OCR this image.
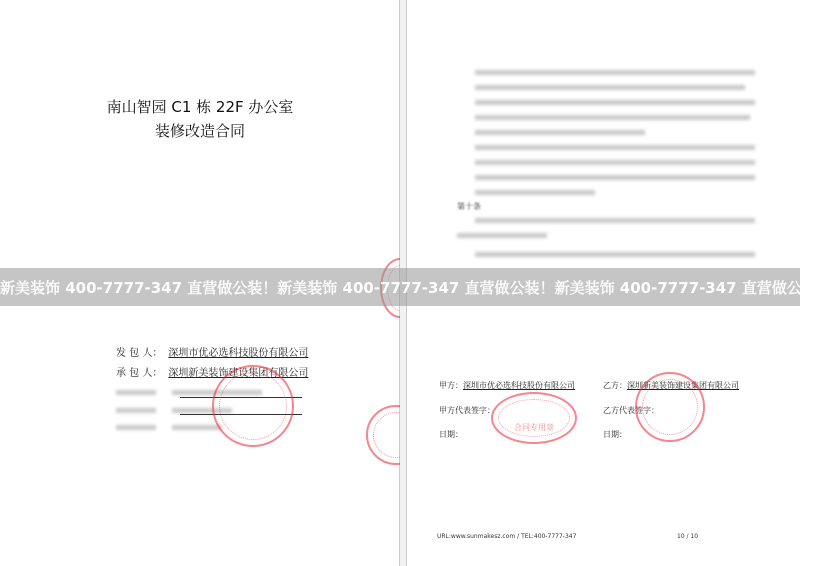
南山智园 C1 栋 22F 办公室
装修改造合同
发 包 人： 深圳市优必选科技股份有限公司
承 包 人： 深圳新美装饰建设集团有限公司
第十条
甲方：深圳市优必选科技股份有限公司	乙方：深圳新美装饰建设集团有限公司
甲方代表签字：	乙方代表签字：
日期：	日期：
合同专用章
URL:www.sunmakesz.com / TEL:400-7777-347	10 / 10
新美装饰 400-7777-347 直营做公装！ 新美装饰 400-7777-347 直营做公装！ 新美装饰 400-7777-347 直营做公装！
